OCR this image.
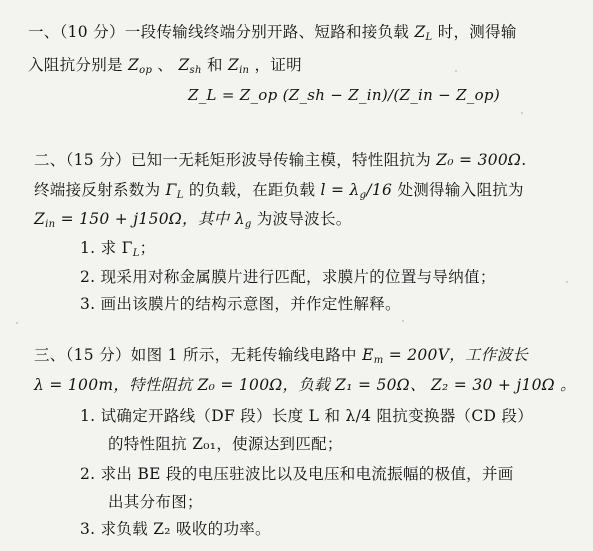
一、（10 分）一段传输线终端分别开路、短路和接负载 $Z_L$ 时，测得输
入阻抗分别是 $Z_{op}$ 、 $Z_{sh}$ 和 $Z_{in}$ ，证明
Z_L = Z_op (Z_sh − Z_in)/(Z_in − Z_op)
二、（15 分）已知一无耗矩形波导传输主模，特性阻抗为 Z₀ = 300Ω.
终端接反射系数为 $\Gamma_L$ 的负载，在距负载 $l = \lambda_g/16$ 处测得输入阻抗为
$Z_{in} = 150 + j150\Omega$，其中 $\lambda_g$ 为波导波长。
1. 求 $\Gamma_L$；
2. 现采用对称金属膜片进行匹配，求膜片的位置与导纳值；
3. 画出该膜片的结构示意图，并作定性解释。
三、（15 分）如图 1 所示，无耗传输线电路中 $E_m = 200V$，工作波长
λ = 100m，特性阻抗 Z₀ = 100Ω，负载 Z₁ = 50Ω、 Z₂ = 30 + j10Ω 。
1. 试确定开路线（DF 段）长度 L 和 λ/4 阻抗变换器（CD 段）
的特性阻抗 Z₀₁，使源达到匹配；
2. 求出 BE 段的电压驻波比以及电压和电流振幅的极值，并画
出其分布图；
3. 求负载 Z₂ 吸收的功率。
